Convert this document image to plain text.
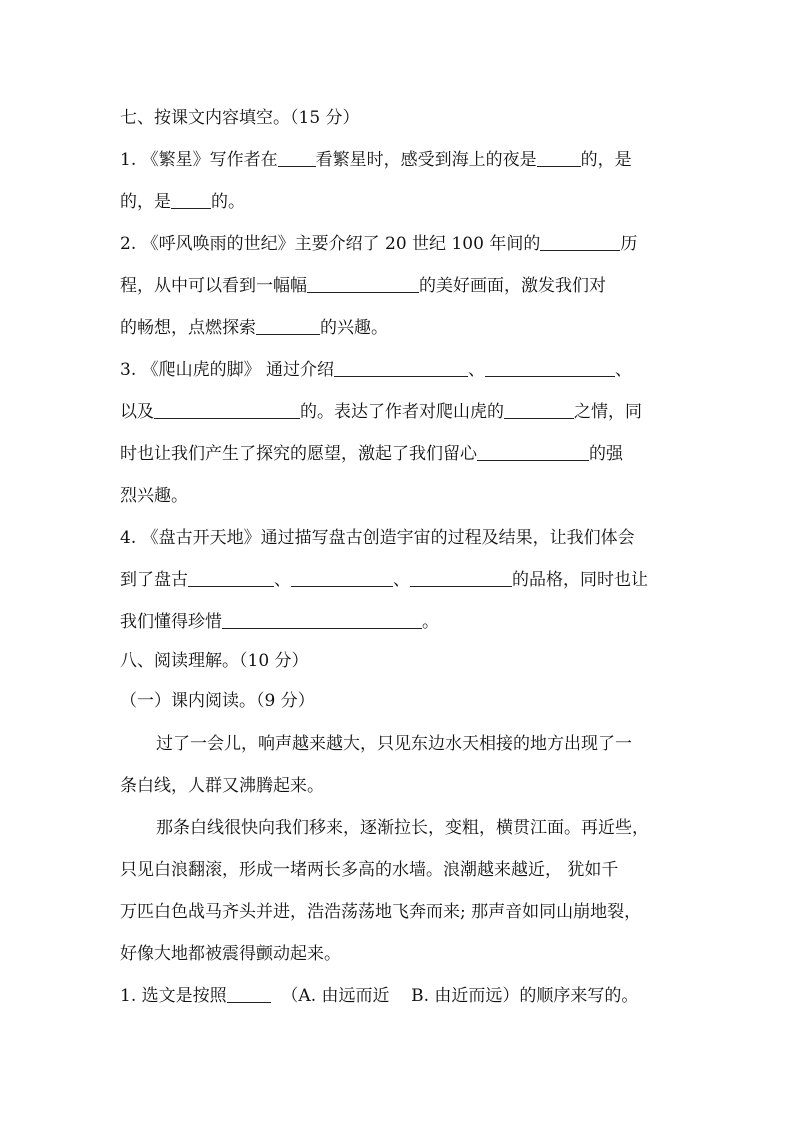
七、按课文内容填空。（15 分）
1. 《繁星》写作者在 看繁星时，感受到海上的夜是	的，是
的，是 的。
2. 《呼风唤雨的世纪》主要介绍了 20 世纪 100 年间的	历
程，从中可以看到一幅幅	的美好画面，激发我们对
的畅想，点燃探索	的兴趣。
3. 《爬山虎的脚》 通过介绍	、	、
以及	的。表达了作者对爬山虎的	之情，同
时也让我们产生了探究的愿望，激起了我们留心	的强
烈兴趣。
4. 《盘古开天地》通过描写盘古创造宇宙的过程及结果，让我们体会
到了盘古	、	、	的品格，同时也让
我们懂得珍惜	。
八、阅读理解。（10 分）
（一）课内阅读。（9 分）
过了一会儿，响声越来越大，只见东边水天相接的地方出现了一
条白线，人群又沸腾起来。
那条白线很快向我们移来，逐渐拉长，变粗，横贯江面。再近些，
只见白浪翻滚，形成一堵两长多高的水墙。浪潮越来越近， 犹如千
万匹白色战马齐头并进，浩浩荡荡地飞奔而来; 那声音如同山崩地裂，
好像大地都被震得颤动起来。
1. 选文是按照	（A. 由远而近    B. 由近而远）的顺序来写的。
